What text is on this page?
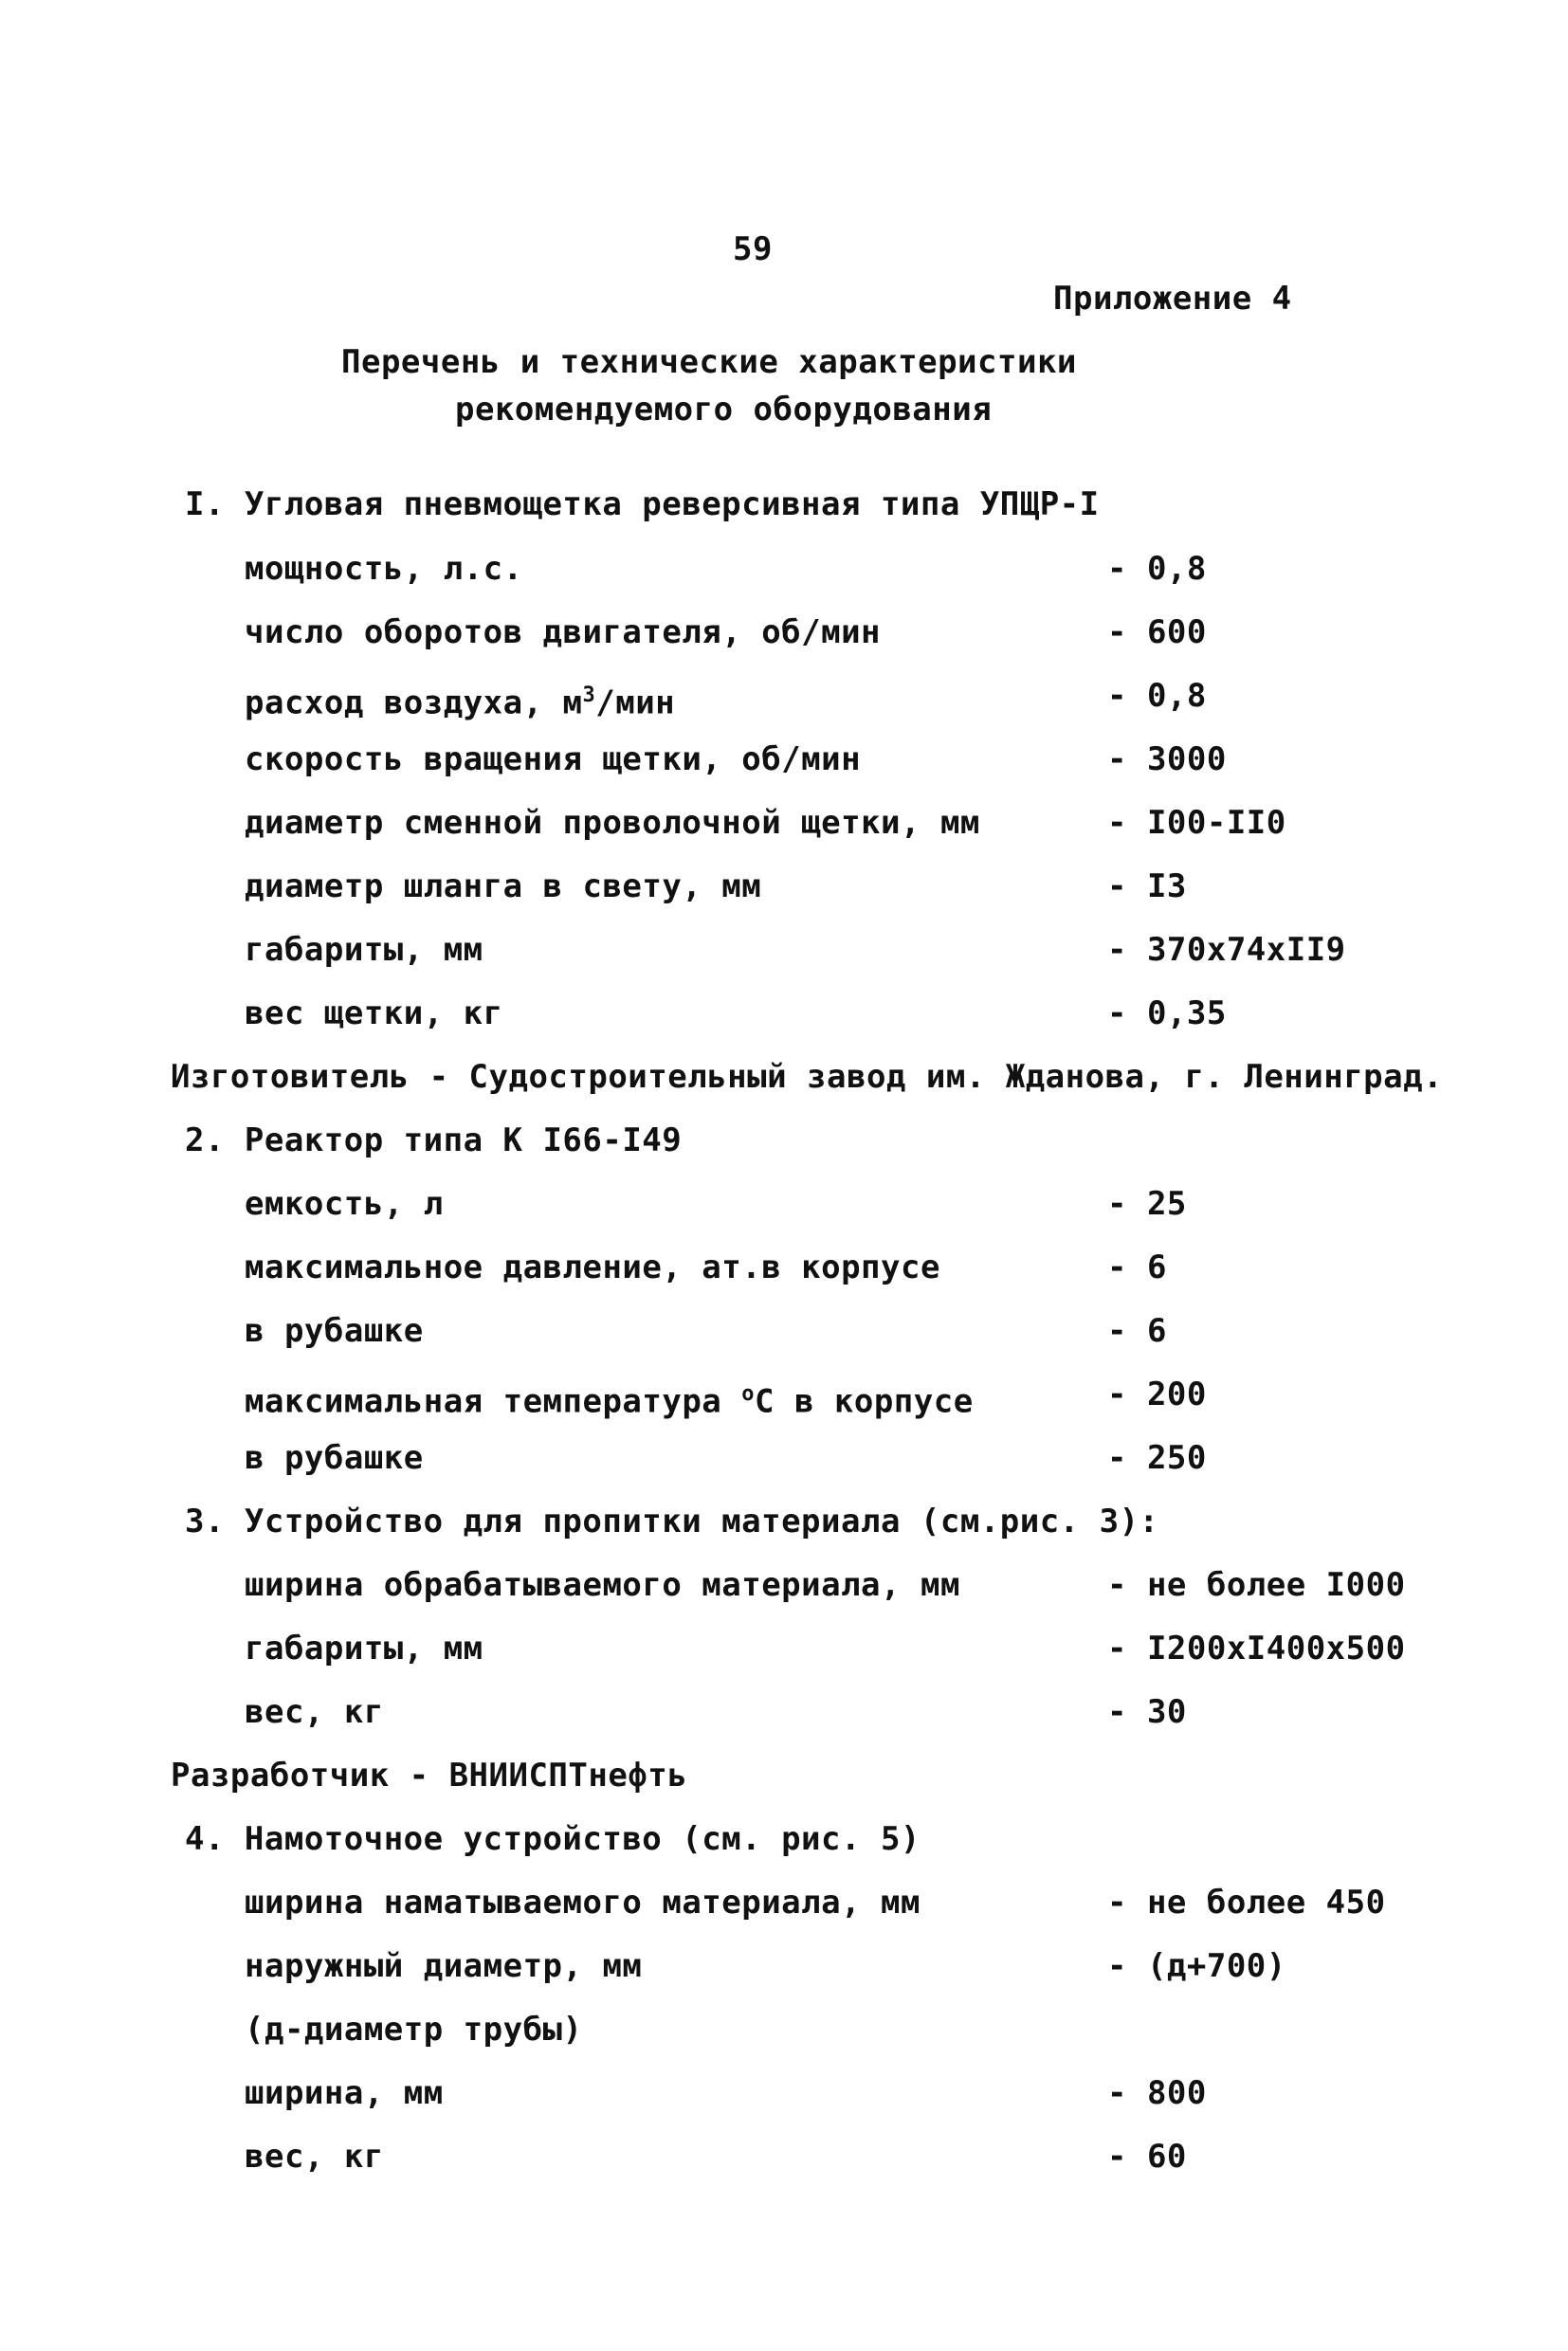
59
Приложение 4
Перечень и технические характеристики
рекомендуемого оборудования
I. Угловая пневмощетка реверсивная типа УПЩР-I
мощность, л.с.	- 0,8
число оборотов двигателя, об/мин	- 600
расход воздуха, $м^3$/мин	- 0,8
скорость вращения щетки, об/мин	- 3000
диаметр сменной проволочной щетки, мм	- I00-II0
диаметр шланга в свету, мм	- I3
габариты, мм	- 370x74xII9
вес щетки, кг	- 0,35
Изготовитель - Судостроительный завод им. Жданова, г. Ленинград.
2. Реактор типа К I66-I49
емкость, л	- 25
максимальное давление, ат.в корпусе	- 6
в рубашке	- 6
максимальная температура $^о$С в корпусе	- 200
в рубашке	- 250
3. Устройство для пропитки материала (см.рис. 3):
ширина обрабатываемого материала, мм	- не более I000
габариты, мм	- I200xI400x500
вес, кг	- 30
Разработчик - ВНИИСПТнефть
4. Намоточное устройство (см. рис. 5)
ширина наматываемого материала, мм	- не более 450
наружный диаметр, мм	- (д+700)
(д-диаметр трубы)
ширина, мм	- 800
вес, кг	- 60
